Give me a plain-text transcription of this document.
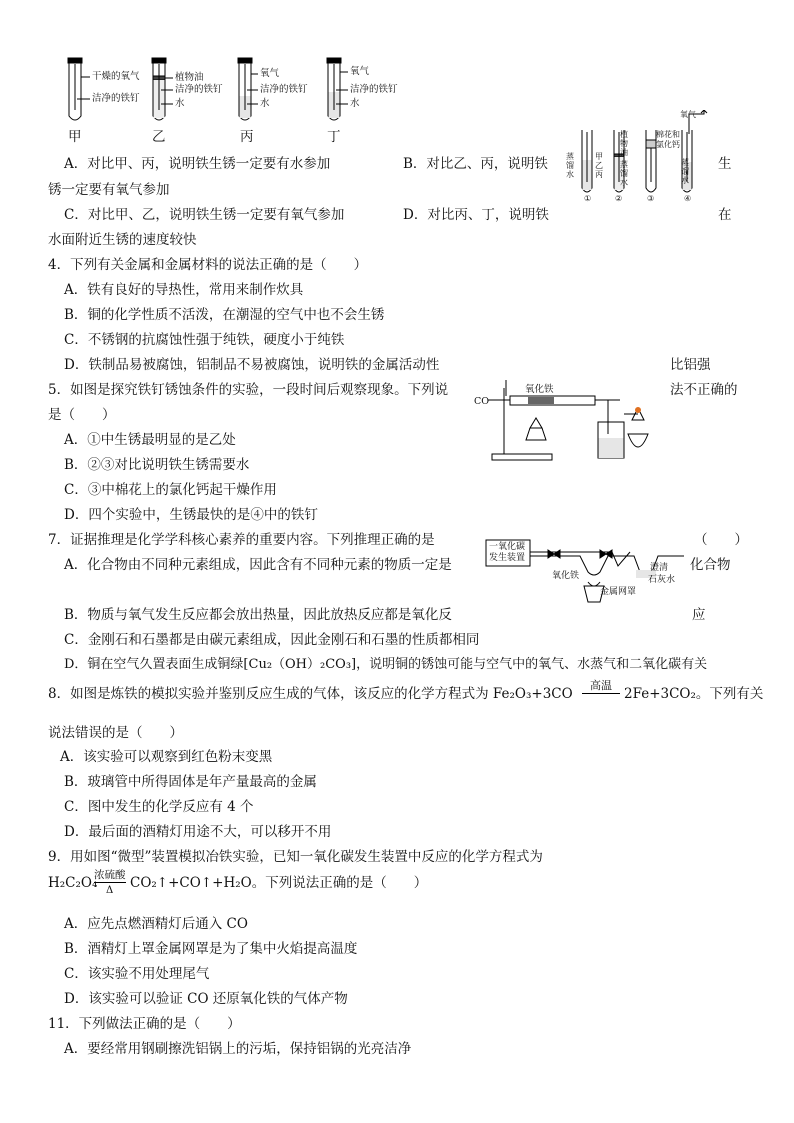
干燥的氧气
洁净的铁钉
植物油
洁净的铁钉
水
氧气
洁净的铁钉
水
氧气
洁净的铁钉
水
甲	乙	丙	丁
蒸馏水
甲乙丙
植物油
蒸馏水
棉花和
氯化钙
氧气
蒸馏水
①	②	③	④
A．对比甲、丙，说明铁生锈一定要有水参加	B．对比乙、丙，说明铁	生
锈一定要有氧气参加
C．对比甲、乙，说明铁生锈一定要有氧气参加	D．对比丙、丁，说明铁	在
水面附近生锈的速度较快
4．下列有关金属和金属材料的说法正确的是（　　）
A．铁有良好的导热性，常用来制作炊具
B．铜的化学性质不活泼，在潮湿的空气中也不会生锈
C．不锈钢的抗腐蚀性强于纯铁，硬度小于纯铁
D．铁制品易被腐蚀，铝制品不易被腐蚀，说明铁的金属活动性	比铝强
5．如图是探究铁钉锈蚀条件的实验，一段时间后观察现象。下列说	法不正确的
是（　　）
A．①中生锈最明显的是乙处
B．②③对比说明铁生锈需要水
C．③中棉花上的氯化钙起干燥作用
D．四个实验中，生锈最快的是④中的铁钉
CO
氧化铁
7．证据推理是化学学科核心素养的重要内容。下列推理正确的是	（　　）
A．化合物由不同种元素组成，因此含有不同种元素的物质一定是	化合物
B．物质与氧气发生反应都会放出热量，因此放热反应都是氧化反	应
C．金刚石和石墨都是由碳元素组成，因此金刚石和石墨的性质都相同
D．铜在空气久置表面生成铜绿[Cu₂（OH）₂CO₃]，说明铜的锈蚀可能与空气中的氧气、水蒸气和二氧化碳有关
一氧化碳
发生装置
氧化铁
澄清
石灰水
金属网罩
8．如图是炼铁的模拟实验并鉴别反应生成的气体，该反应的化学方程式为 Fe₂O₃+3CO
高温
2Fe+3CO₂。下列有关
说法错误的是（　　）
A．该实验可以观察到红色粉末变黑
B．玻璃管中所得固体是年产量最高的金属
C．图中发生的化学反应有 4 个
D．最后面的酒精灯用途不大，可以移开不用
9．用如图“微型”装置模拟冶铁实验，已知一氧化碳发生装置中反应的化学方程式为
H₂C₂O₄
浓硫酸
Δ CO₂↑+CO↑+H₂O。下列说法正确的是（　　）
A．应先点燃酒精灯后通入 CO
B．酒精灯上罩金属网罩是为了集中火焰提高温度
C．该实验不用处理尾气
D．该实验可以验证 CO 还原氧化铁的气体产物
11．下列做法正确的是（　　）
A．要经常用钢刷擦洗铝锅上的污垢，保持铝锅的光亮洁净
